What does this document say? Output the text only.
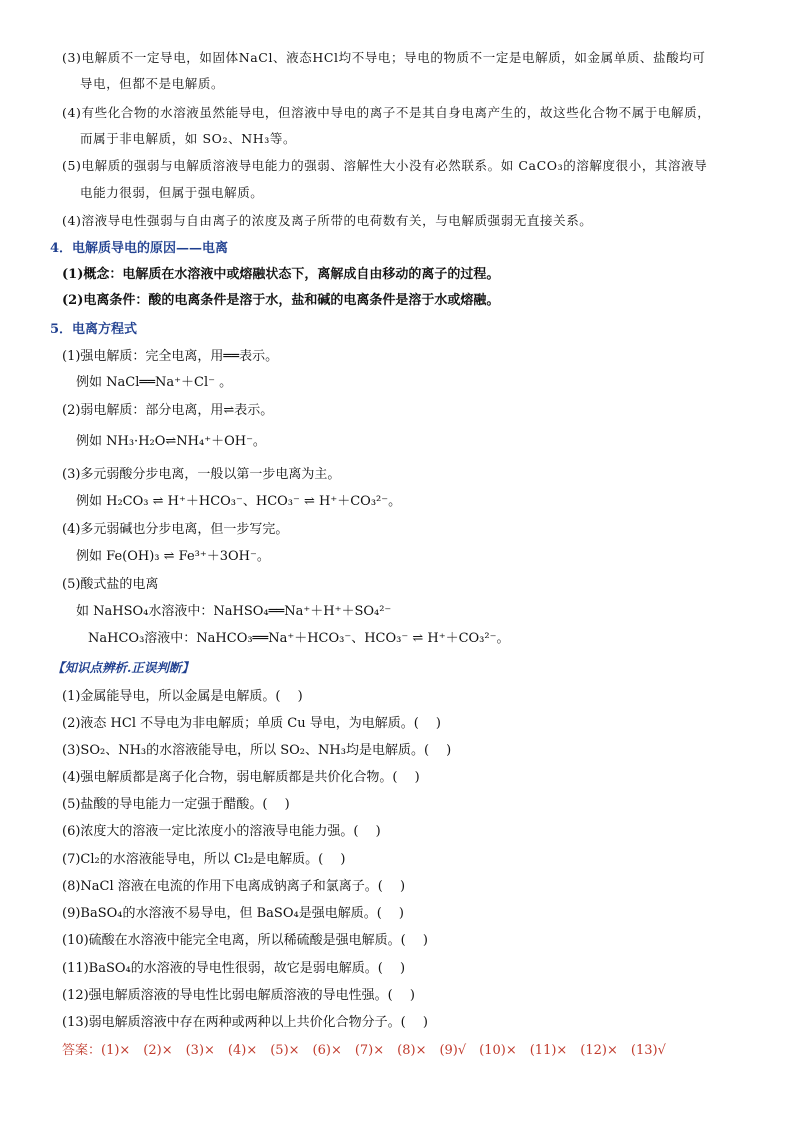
(3)电解质不一定导电，如固体NaCl、液态HCl均不导电；导电的物质不一定是电解质，如金属单质、盐酸均可
导电，但都不是电解质。
(4)有些化合物的水溶液虽然能导电，但溶液中导电的离子不是其自身电离产生的，故这些化合物不属于电解质，
而属于非电解质，如 SO₂、NH₃等。
(5)电解质的强弱与电解质溶液导电能力的强弱、溶解性大小没有必然联系。如 CaCO₃的溶解度很小，其溶液导
电能力很弱，但属于强电解质。
(4)溶液导电性强弱与自由离子的浓度及离子所带的电荷数有关，与电解质强弱无直接关系。
4．电解质导电的原因——电离
(1)概念：电解质在水溶液中或熔融状态下，离解成自由移动的离子的过程。
(2)电离条件：酸的电离条件是溶于水，盐和碱的电离条件是溶于水或熔融。
5．电离方程式
(1)强电解质：完全电离，用══表示。
例如 NaCl══Na⁺＋Cl⁻ 。
(2)弱电解质：部分电离，用⇌表示。
例如 NH₃·H₂O⇌NH₄⁺＋OH⁻。
(3)多元弱酸分步电离，一般以第一步电离为主。
例如 H₂CO₃ ⇌ H⁺＋HCO₃⁻、HCO₃⁻ ⇌ H⁺＋CO₃²⁻。
(4)多元弱碱也分步电离，但一步写完。
例如 Fe(OH)₃ ⇌ Fe³⁺＋3OH⁻。
(5)酸式盐的电离
如 NaHSO₄水溶液中：NaHSO₄══Na⁺＋H⁺＋SO₄²⁻
NaHCO₃溶液中：NaHCO₃══Na⁺＋HCO₃⁻、HCO₃⁻ ⇌ H⁺＋CO₃²⁻。
【知识点辨析.正误判断】
(1)金属能导电，所以金属是电解质。(　 )
(2)液态 HCl 不导电为非电解质；单质 Cu 导电，为电解质。(　 )
(3)SO₂、NH₃的水溶液能导电，所以 SO₂、NH₃均是电解质。(　 )
(4)强电解质都是离子化合物，弱电解质都是共价化合物。(　 )
(5)盐酸的导电能力一定强于醋酸。(　 )
(6)浓度大的溶液一定比浓度小的溶液导电能力强。(　 )
(7)Cl₂的水溶液能导电，所以 Cl₂是电解质。(　 )
(8)NaCl 溶液在电流的作用下电离成钠离子和氯离子。(　 )
(9)BaSO₄的水溶液不易导电，但 BaSO₄是强电解质。(　 )
(10)硫酸在水溶液中能完全电离，所以稀硫酸是强电解质。(　 )
(11)BaSO₄的水溶液的导电性很弱，故它是弱电解质。(　 )
(12)强电解质溶液的导电性比弱电解质溶液的导电性强。(　 )
(13)弱电解质溶液中存在两种或两种以上共价化合物分子。(　 )
答案：(1)×　(2)×　(3)×　(4)×　(5)×　(6)×　(7)×　(8)×　(9)√　(10)×　(11)×　(12)×　(13)√
